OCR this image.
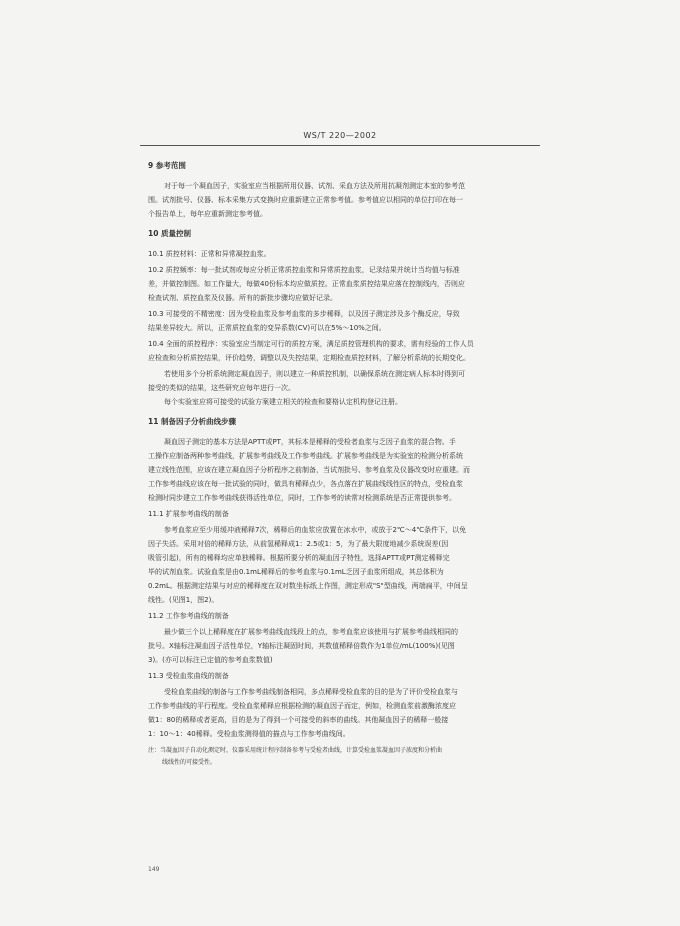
WS/T 220—2002
9 参考范围
对于每一个凝血因子，实验室应当根据所用仪器、试剂、采血方法及所用抗凝剂测定本室的参考范
围。试剂批号、仪器、标本采集方式变换时应重新建立正常参考值。参考值应以相同的单位打印在每一
个报告单上，每年应重新测定参考值。
10 质量控制
10.1 质控材料：正常和异常凝控血浆。
10.2 质控频率：每一批试剂或每应分析正常质控血浆和异常质控血浆，记录结果并统计当均值与标准
差，并做控制图。如工作量大，每做40份标本均应做质控。正常血浆质控结果应落在控制线内，否则应
检查试剂、质控血浆及仪器。所有的新批步骤均应做好记录。
10.3 可接受的不精密度：因为受检血浆及参考血浆的多步稀释，以及因子测定涉及多个酶反应，导致
结果差异较大。所以，正常质控血浆的变异系数(CV)可以在5%～10%之间。
10.4 全面的质控程序：实验室应当制定可行的质控方案，满足质控管理机构的要求，需有经验的工作人员
应检查和分析质控结果，评价趋势，调整以及失控结果，定期检查质控材料，了解分析系统的长期变化。
若使用多个分析系统测定凝血因子，则以建立一种质控机制，以确保系统在测定病人标本时得到可
接受的类似的结果，这些研究应每年进行一次。
每个实验室应将可接受的试验方案建立相关的检查和要格认定机构登记注册。
11 制备因子分析曲线步骤
凝血因子测定的基本方法是APTT或PT，其标本是稀释的受检者血浆与乏因子血浆的混合物。手
工操作应制备两种参考曲线，扩展参考曲线及工作参考曲线。扩展参考曲线是为实验室的检测分析系统
建立线性范围，应该在建立凝血因子分析程序之前制备，当试剂批号、参考血浆及仪器改变时应重建。而
工作参考曲线应该在每一批试验的同时，做具有稀释点少，各点落在扩展曲线线性区的特点，受检血浆
检测时同步建立工作参考曲线获得活性单位，同时，工作参考的读常对检测系统是否正常提供参考。
11.1 扩展参考曲线的制备
参考血浆应至少用缓冲液稀释7次，稀释后的血浆应放置在冰水中，或放于2℃～4℃条件下，以免
因子失活。采用对倍的稀释方法，从前氢稀释成1：2.5或1：5，为了最大限度地减少系统误差(因
吸管引起)，所有的稀释均应单独稀释。根据所要分析的凝血因子特性，选择APTT或PT测定稀释完
毕的试剂血浆。试验血浆是由0.1mL稀释后的参考血浆与0.1mL乏因子血浆所组成，其总体积为
0.2mL。根据测定结果与对应的稀释度在双对数坐标纸上作图，测定形成"S"型曲线，两端扁平，中间呈
线性。(见图1，图2)。
11.2 工作参考曲线的制备
最少做三个以上稀释度在扩展参考曲线直线段上的点，参考血浆应该使用与扩展参考曲线相同的
批号。X轴标注凝血因子活性单位，Y轴标注凝固时间，其数值稀释倍数作为1单位/mL(100%)(见图
3)。(亦可以标注已定值的参考血浆数值)
11.3 受检血浆曲线的制备
受检血浆曲线的制备与工作参考曲线制备相同，多点稀释受检血浆的目的是为了评价受检血浆与
工作参考曲线的平行程度。受检血浆稀释应根据检测的凝血因子而定，例如，检测血浆前激酶浓度应
做1：80的稀释或者更高，目的是为了得到一个可接受的斜率的曲线。其他凝血因子的稀释一般接
1：10～1：40稀释。受检血浆测得值的描点与工作参考曲线间。
注：当凝血因子自动化测定时，仪器采用统计程序制备参考与受检者曲线，计算受检血浆凝血因子浓度和分析曲
线线性的可接受性。
149
